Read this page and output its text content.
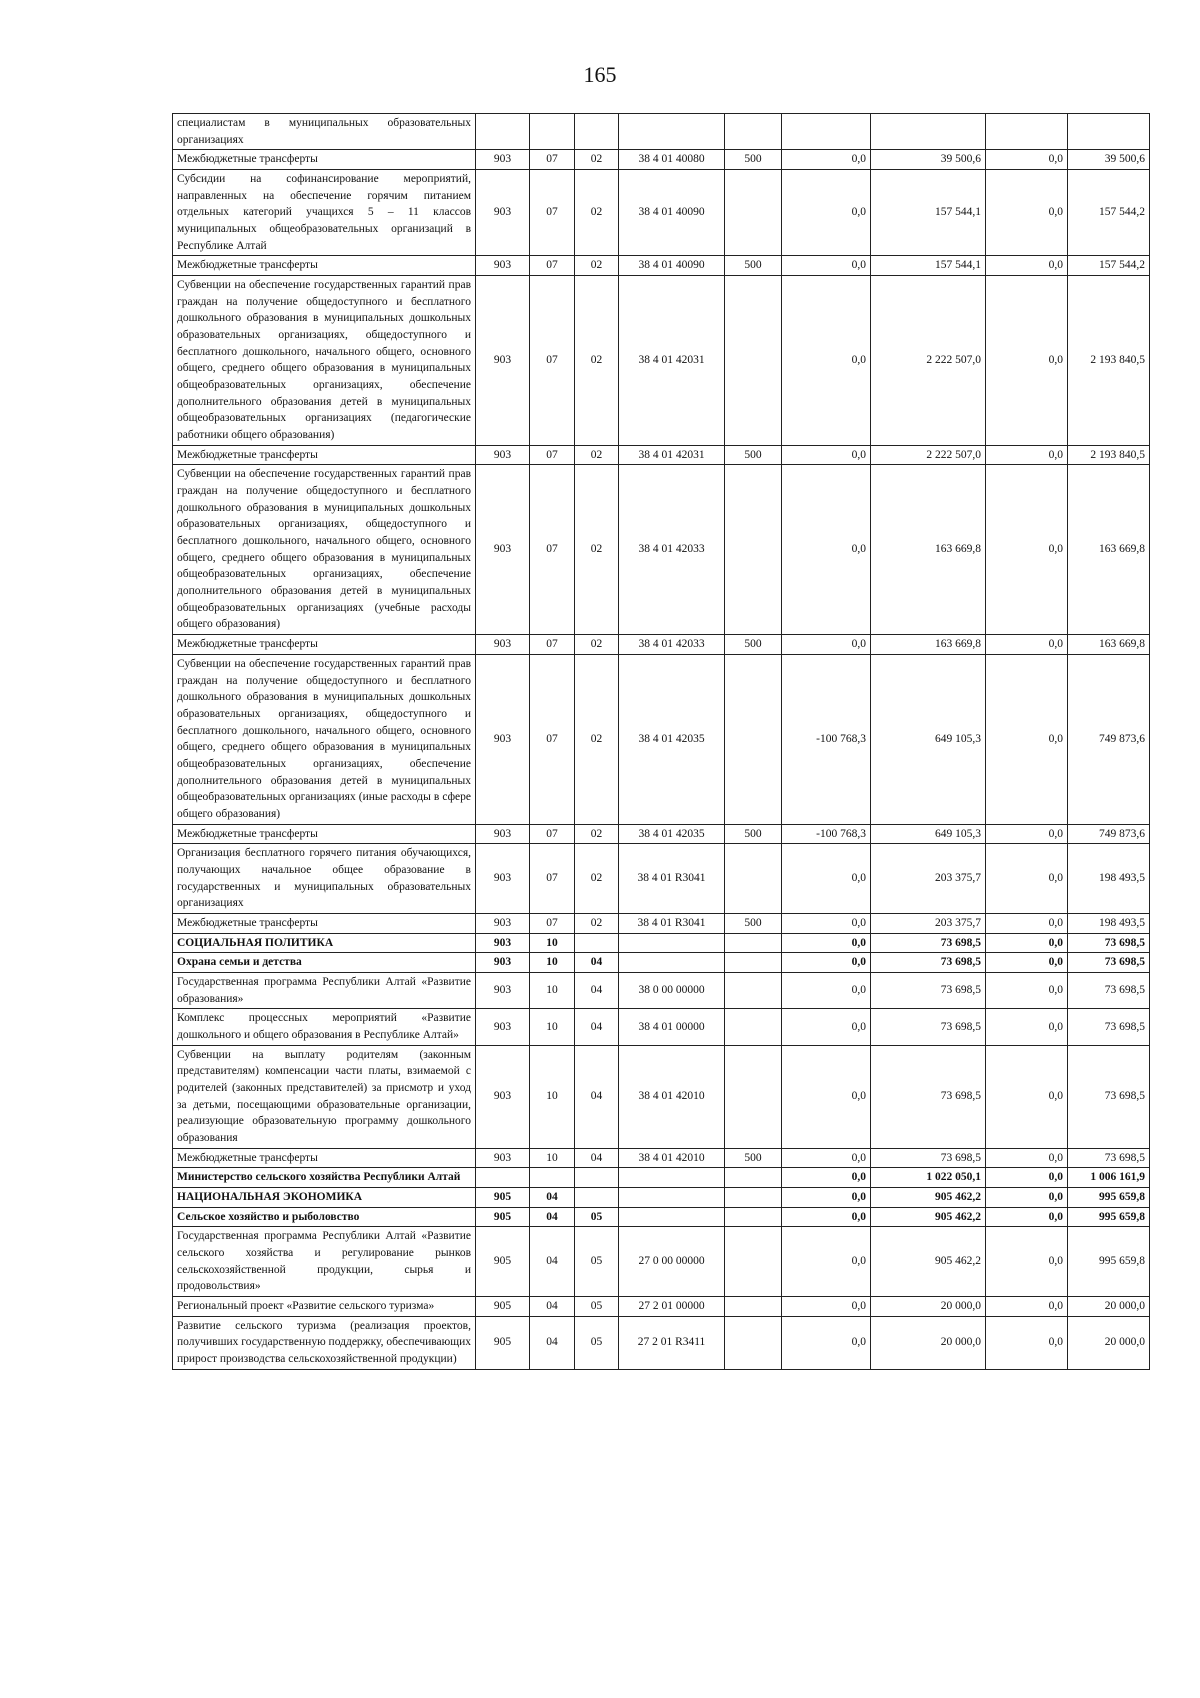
165
специалистам в муниципальных образовательных организациях									
Межбюджетные трансферты	903	07	02	38 4 01 40080	500	0,0	39 500,6	0,0	39 500,6
Субсидии на софинансирование мероприятий, направленных на обеспечение горячим питанием отдельных категорий учащихся 5 – 11 классов муниципальных общеобразовательных организаций в Республике Алтай	903	07	02	38 4 01 40090		0,0	157 544,1	0,0	157 544,2
Межбюджетные трансферты	903	07	02	38 4 01 40090	500	0,0	157 544,1	0,0	157 544,2
Субвенции на обеспечение государственных гарантий прав граждан на получение общедоступного и бесплатного дошкольного образования в муниципальных дошкольных образовательных организациях, общедоступного и бесплатного дошкольного, начального общего, основного общего, среднего общего образования в муниципальных общеобразовательных организациях, обеспечение дополнительного образования детей в муниципальных общеобразовательных организациях (педагогические работники общего образования)	903	07	02	38 4 01 42031		0,0	2 222 507,0	0,0	2 193 840,5
Межбюджетные трансферты	903	07	02	38 4 01 42031	500	0,0	2 222 507,0	0,0	2 193 840,5
Субвенции на обеспечение государственных гарантий прав граждан на получение общедоступного и бесплатного дошкольного образования в муниципальных дошкольных образовательных организациях, общедоступного и бесплатного дошкольного, начального общего, основного общего, среднего общего образования в муниципальных общеобразовательных организациях, обеспечение дополнительного образования детей в муниципальных общеобразовательных организациях (учебные расходы общего образования)	903	07	02	38 4 01 42033		0,0	163 669,8	0,0	163 669,8
Межбюджетные трансферты	903	07	02	38 4 01 42033	500	0,0	163 669,8	0,0	163 669,8
Субвенции на обеспечение государственных гарантий прав граждан на получение общедоступного и бесплатного дошкольного образования в муниципальных дошкольных образовательных организациях, общедоступного и бесплатного дошкольного, начального общего, основного общего, среднего общего образования в муниципальных общеобразовательных организациях, обеспечение дополнительного образования детей в муниципальных общеобразовательных организациях (иные расходы в сфере общего образования)	903	07	02	38 4 01 42035		-100 768,3	649 105,3	0,0	749 873,6
Межбюджетные трансферты	903	07	02	38 4 01 42035	500	-100 768,3	649 105,3	0,0	749 873,6
Организация бесплатного горячего питания обучающихся, получающих начальное общее образование в государственных и муниципальных образовательных организациях	903	07	02	38 4 01 R3041		0,0	203 375,7	0,0	198 493,5
Межбюджетные трансферты	903	07	02	38 4 01 R3041	500	0,0	203 375,7	0,0	198 493,5
СОЦИАЛЬНАЯ ПОЛИТИКА	903	10				0,0	73 698,5	0,0	73 698,5
Охрана семьи и детства	903	10	04			0,0	73 698,5	0,0	73 698,5
Государственная программа Республики Алтай «Развитие образования»	903	10	04	38 0 00 00000		0,0	73 698,5	0,0	73 698,5
Комплекс процессных мероприятий «Развитие дошкольного и общего образования в Республике Алтай»	903	10	04	38 4 01 00000		0,0	73 698,5	0,0	73 698,5
Субвенции на выплату родителям (законным представителям) компенсации части платы, взимаемой с родителей (законных представителей) за присмотр и уход за детьми, посещающими образовательные организации, реализующие образовательную программу дошкольного образования	903	10	04	38 4 01 42010		0,0	73 698,5	0,0	73 698,5
Межбюджетные трансферты	903	10	04	38 4 01 42010	500	0,0	73 698,5	0,0	73 698,5
Министерство сельского хозяйства Республики Алтай						0,0	1 022 050,1	0,0	1 006 161,9
НАЦИОНАЛЬНАЯ ЭКОНОМИКА	905	04				0,0	905 462,2	0,0	995 659,8
Сельское хозяйство и рыболовство	905	04	05			0,0	905 462,2	0,0	995 659,8
Государственная программа Республики Алтай «Развитие сельского хозяйства и регулирование рынков сельскохозяйственной продукции, сырья и продовольствия»	905	04	05	27 0 00 00000		0,0	905 462,2	0,0	995 659,8
Региональный проект «Развитие сельского туризма»	905	04	05	27 2 01 00000		0,0	20 000,0	0,0	20 000,0
Развитие сельского туризма (реализация проектов, получивших государственную поддержку, обеспечивающих прирост производства сельскохозяйственной продукции)	905	04	05	27 2 01 R3411		0,0	20 000,0	0,0	20 000,0
